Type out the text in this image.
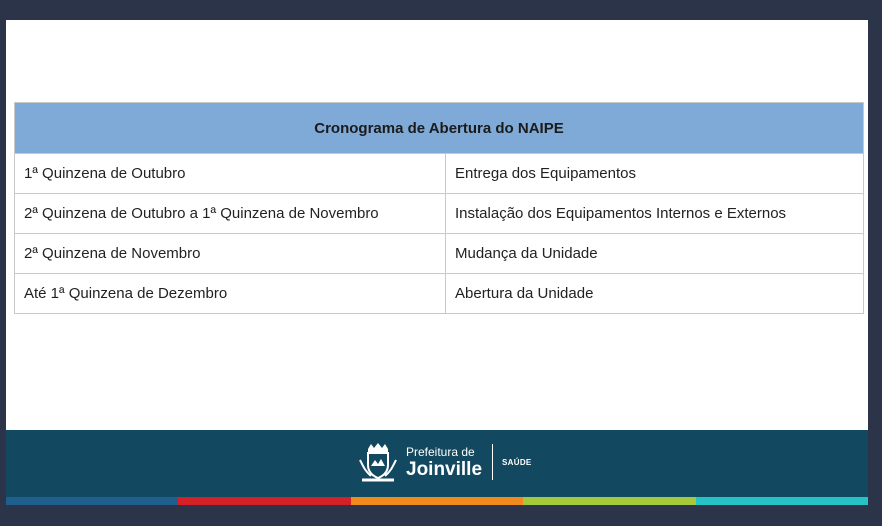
Cronograma de Abertura do NAIPE	
1ª Quinzena de Outubro	Entrega dos Equipamentos
2ª Quinzena de Outubro a 1ª Quinzena de Novembro	Instalação dos Equipamentos Internos e Externos
2ª Quinzena de Novembro	Mudança da Unidade
Até 1ª Quinzena de Dezembro	Abertura da Unidade
Prefeitura de
Joinville	SAÚDE
